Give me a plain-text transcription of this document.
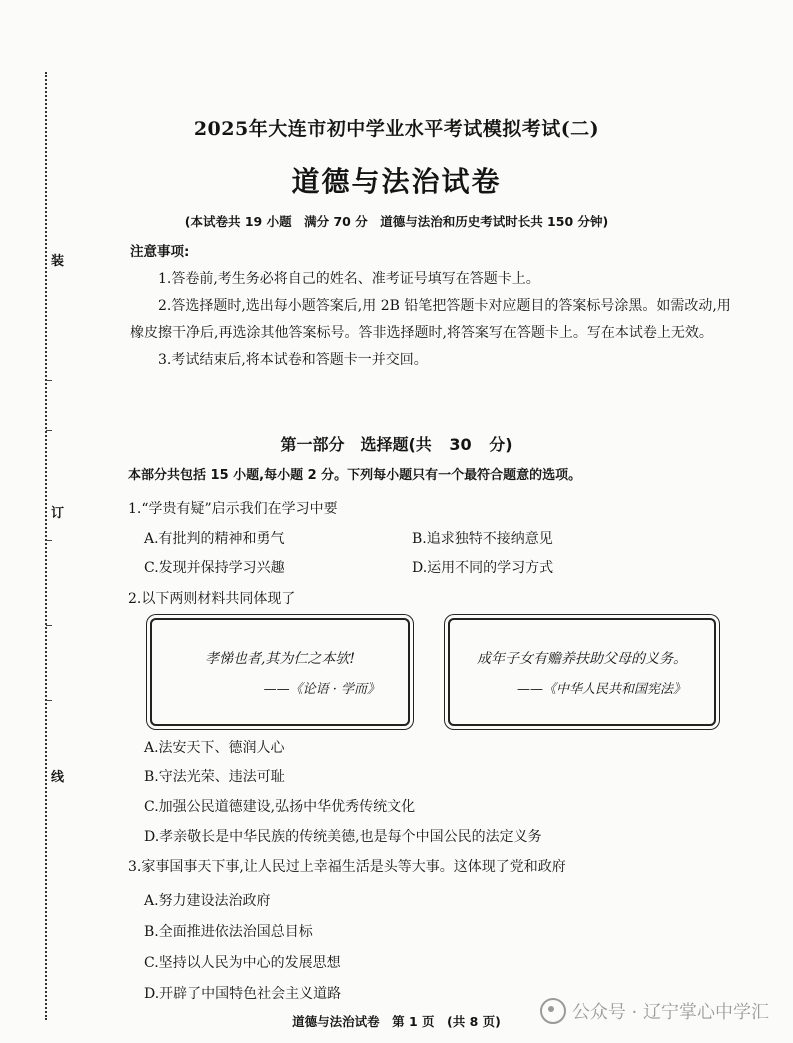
装
订
线
2025年大连市初中学业水平考试模拟考试(二)
道德与法治试卷
(本试卷共 19 小题　满分 70 分　道德与法治和历史考试时长共 150 分钟)
注意事项:

1.答卷前,考生务必将自己的姓名、准考证号填写在答题卡上。

2.答选择题时,选出每小题答案后,用 2B 铅笔把答题卡对应题目的答案标号涂黑。如需改动,用橡皮擦干净后,再选涂其他答案标号。答非选择题时,将答案写在答题卡上。写在本试卷上无效。

3.考试结束后,将本试卷和答题卡一并交回。

第一部分　选择题(共 30 分)
本部分共包括 15 小题,每小题 2 分。下列每小题只有一个最符合题意的选项。
1.“学贵有疑”启示我们在学习中要
A.有批判的精神和勇气	B.追求独特不接纳意见
C.发现并保持学习兴趣	D.运用不同的学习方式
2.以下两则材料共同体现了
孝悌也者,其为仁之本欤!
——《论语 · 学而》
成年子女有赡养扶助父母的义务。
——《中华人民共和国宪法》
A.法安天下、德润人心
B.守法光荣、违法可耻
C.加强公民道德建设,弘扬中华优秀传统文化
D.孝亲敬长是中华民族的传统美德,也是每个中国公民的法定义务
3.家事国事天下事,让人民过上幸福生活是头等大事。这体现了党和政府
A.努力建设法治政府
B.全面推进依法治国总目标
C.坚持以人民为中心的发展思想
D.开辟了中国特色社会主义道路
道德与法治试卷　第 1 页　(共 8 页)	公众号 · 辽宁掌心中学汇
